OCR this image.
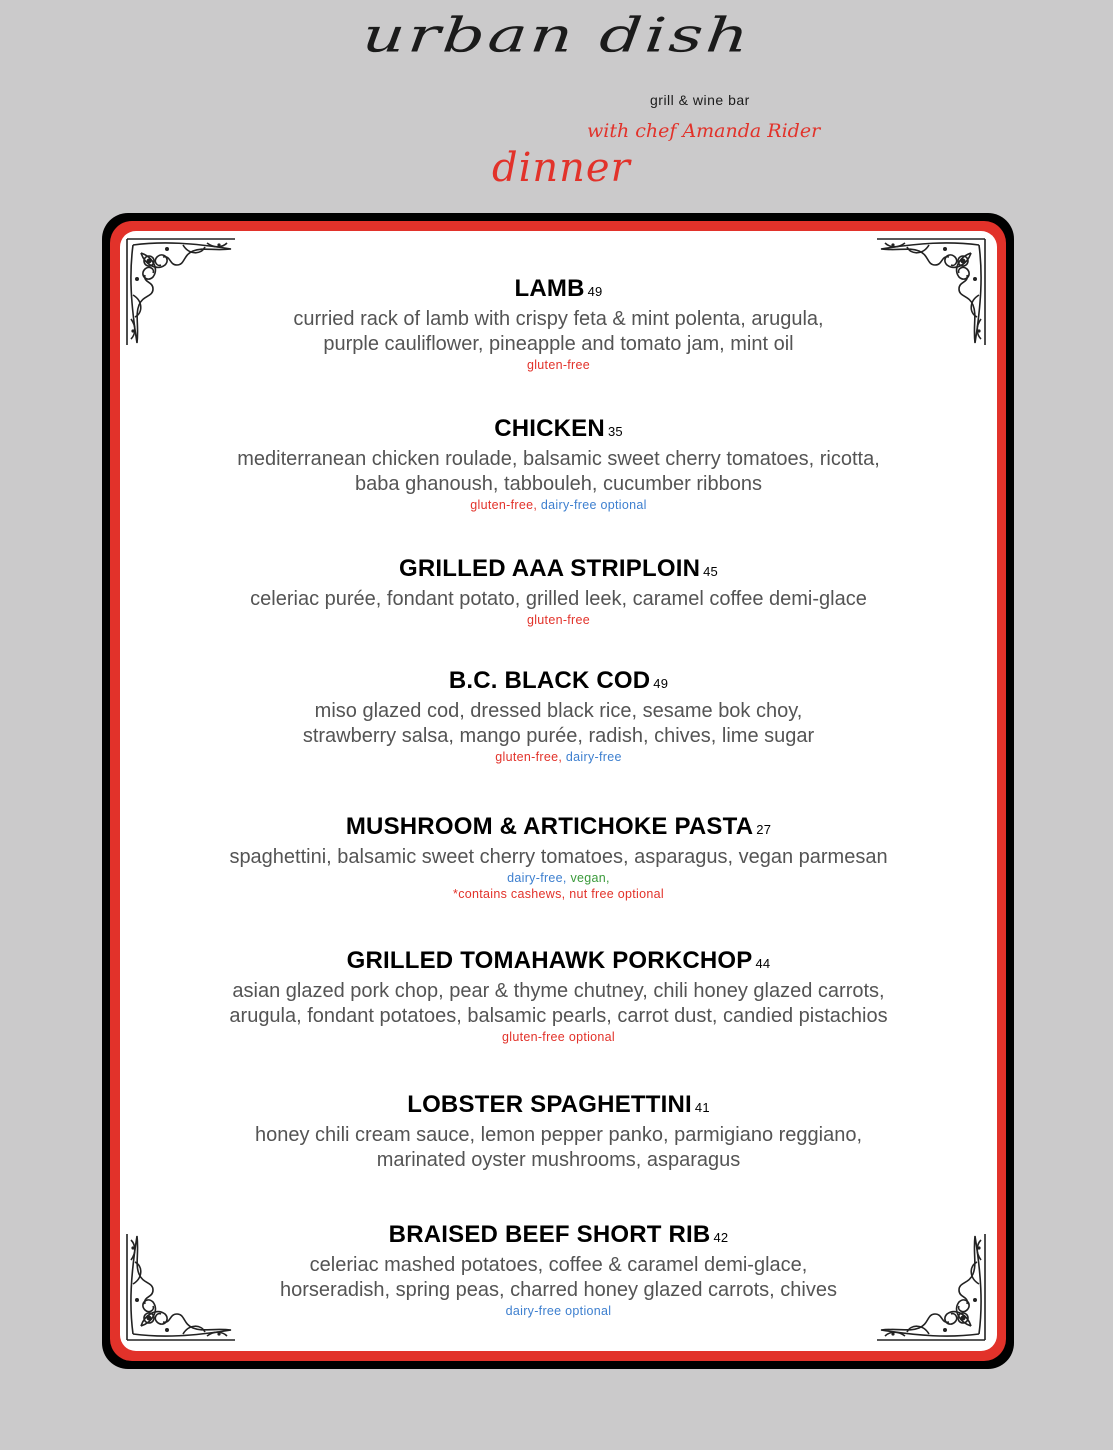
urban dish
grill & wine bar
with chef Amanda Rider
dinner
LAMB 49
curried rack of lamb with crispy feta & mint polenta, arugula,
purple cauliflower, pineapple and tomato jam, mint oil
gluten-free
CHICKEN 35
mediterranean chicken roulade, balsamic sweet cherry tomatoes, ricotta,
baba ghanoush, tabbouleh, cucumber ribbons
gluten-free, dairy-free optional
GRILLED AAA STRIPLOIN 45
celeriac purée, fondant potato, grilled leek, caramel coffee demi-glace
gluten-free
B.C. BLACK COD 49
miso glazed cod, dressed black rice, sesame bok choy,
strawberry salsa, mango purée, radish, chives, lime sugar
gluten-free, dairy-free
MUSHROOM & ARTICHOKE PASTA 27
spaghettini, balsamic sweet cherry tomatoes, asparagus, vegan parmesan
dairy-free, vegan,
*contains cashews, nut free optional
GRILLED TOMAHAWK PORKCHOP 44
asian glazed pork chop, pear & thyme chutney, chili honey glazed carrots,
arugula, fondant potatoes, balsamic pearls, carrot dust, candied pistachios
gluten-free optional
LOBSTER SPAGHETTINI 41
honey chili cream sauce, lemon pepper panko, parmigiano reggiano,
marinated oyster mushrooms, asparagus
BRAISED BEEF SHORT RIB 42
celeriac mashed potatoes, coffee & caramel demi-glace,
horseradish, spring peas, charred honey glazed carrots, chives
dairy-free optional
